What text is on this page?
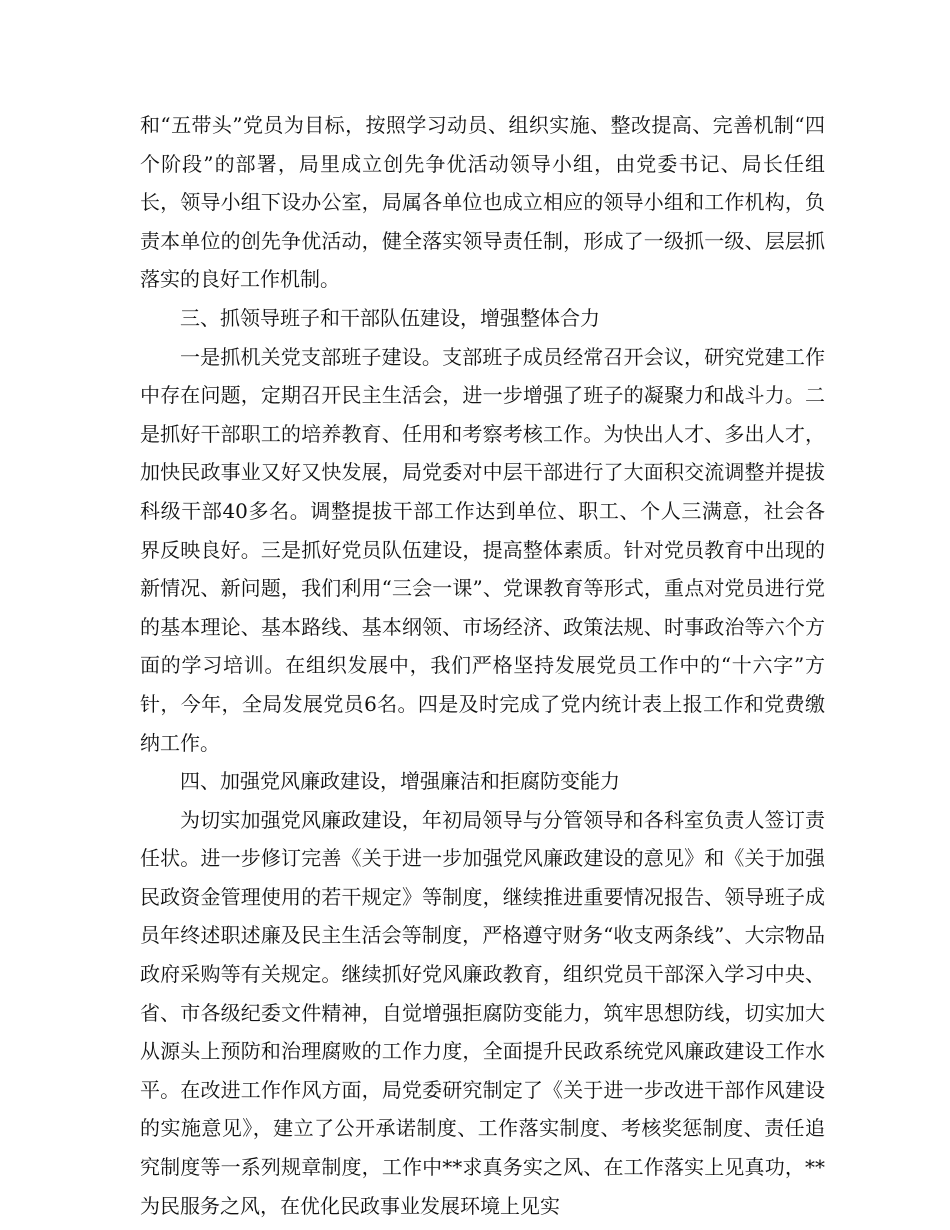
和“五带头”党员为目标，按照学习动员、组织实施、整改提高、完善机制“四个阶段”的部署，局里成立创先争优活动领导小组，由党委书记、局长任组长，领导小组下设办公室，局属各单位也成立相应的领导小组和工作机构，负责本单位的创先争优活动，健全落实领导责任制，形成了一级抓一级、层层抓落实的良好工作机制。

三、抓领导班子和干部队伍建设，增强整体合力

一是抓机关党支部班子建设。支部班子成员经常召开会议，研究党建工作中存在问题，定期召开民主生活会，进一步增强了班子的凝聚力和战斗力。二是抓好干部职工的培养教育、任用和考察考核工作。为快出人才、多出人才，加快民政事业又好又快发展，局党委对中层干部进行了大面积交流调整并提拔科级干部40多名。调整提拔干部工作达到单位、职工、个人三满意，社会各界反映良好。三是抓好党员队伍建设，提高整体素质。针对党员教育中出现的新情况、新问题，我们利用“三会一课”、党课教育等形式，重点对党员进行党的基本理论、基本路线、基本纲领、市场经济、政策法规、时事政治等六个方面的学习培训。在组织发展中，我们严格坚持发展党员工作中的“十六字”方针，今年，全局发展党员6名。四是及时完成了党内统计表上报工作和党费缴纳工作。

四、加强党风廉政建设，增强廉洁和拒腐防变能力

为切实加强党风廉政建设，年初局领导与分管领导和各科室负责人签订责任状。进一步修订完善《关于进一步加强党风廉政建设的意见》和《关于加强民政资金管理使用的若干规定》等制度，继续推进重要情况报告、领导班子成员年终述职述廉及民主生活会等制度，严格遵守财务“收支两条线”、大宗物品政府采购等有关规定。继续抓好党风廉政教育，组织党员干部深入学习中央、省、市各级纪委文件精神，自觉增强拒腐防变能力，筑牢思想防线，切实加大从源头上预防和治理腐败的工作力度，全面提升民政系统党风廉政建设工作水平。在改进工作作风方面，局党委研究制定了《关于进一步改进干部作风建设的实施意见》，建立了公开承诺制度、工作落实制度、考核奖惩制度、责任追究制度等一系列规章制度，工作中**求真务实之风、在工作落实上见真功，**为民服务之风，在优化民政事业发展环境上见实
